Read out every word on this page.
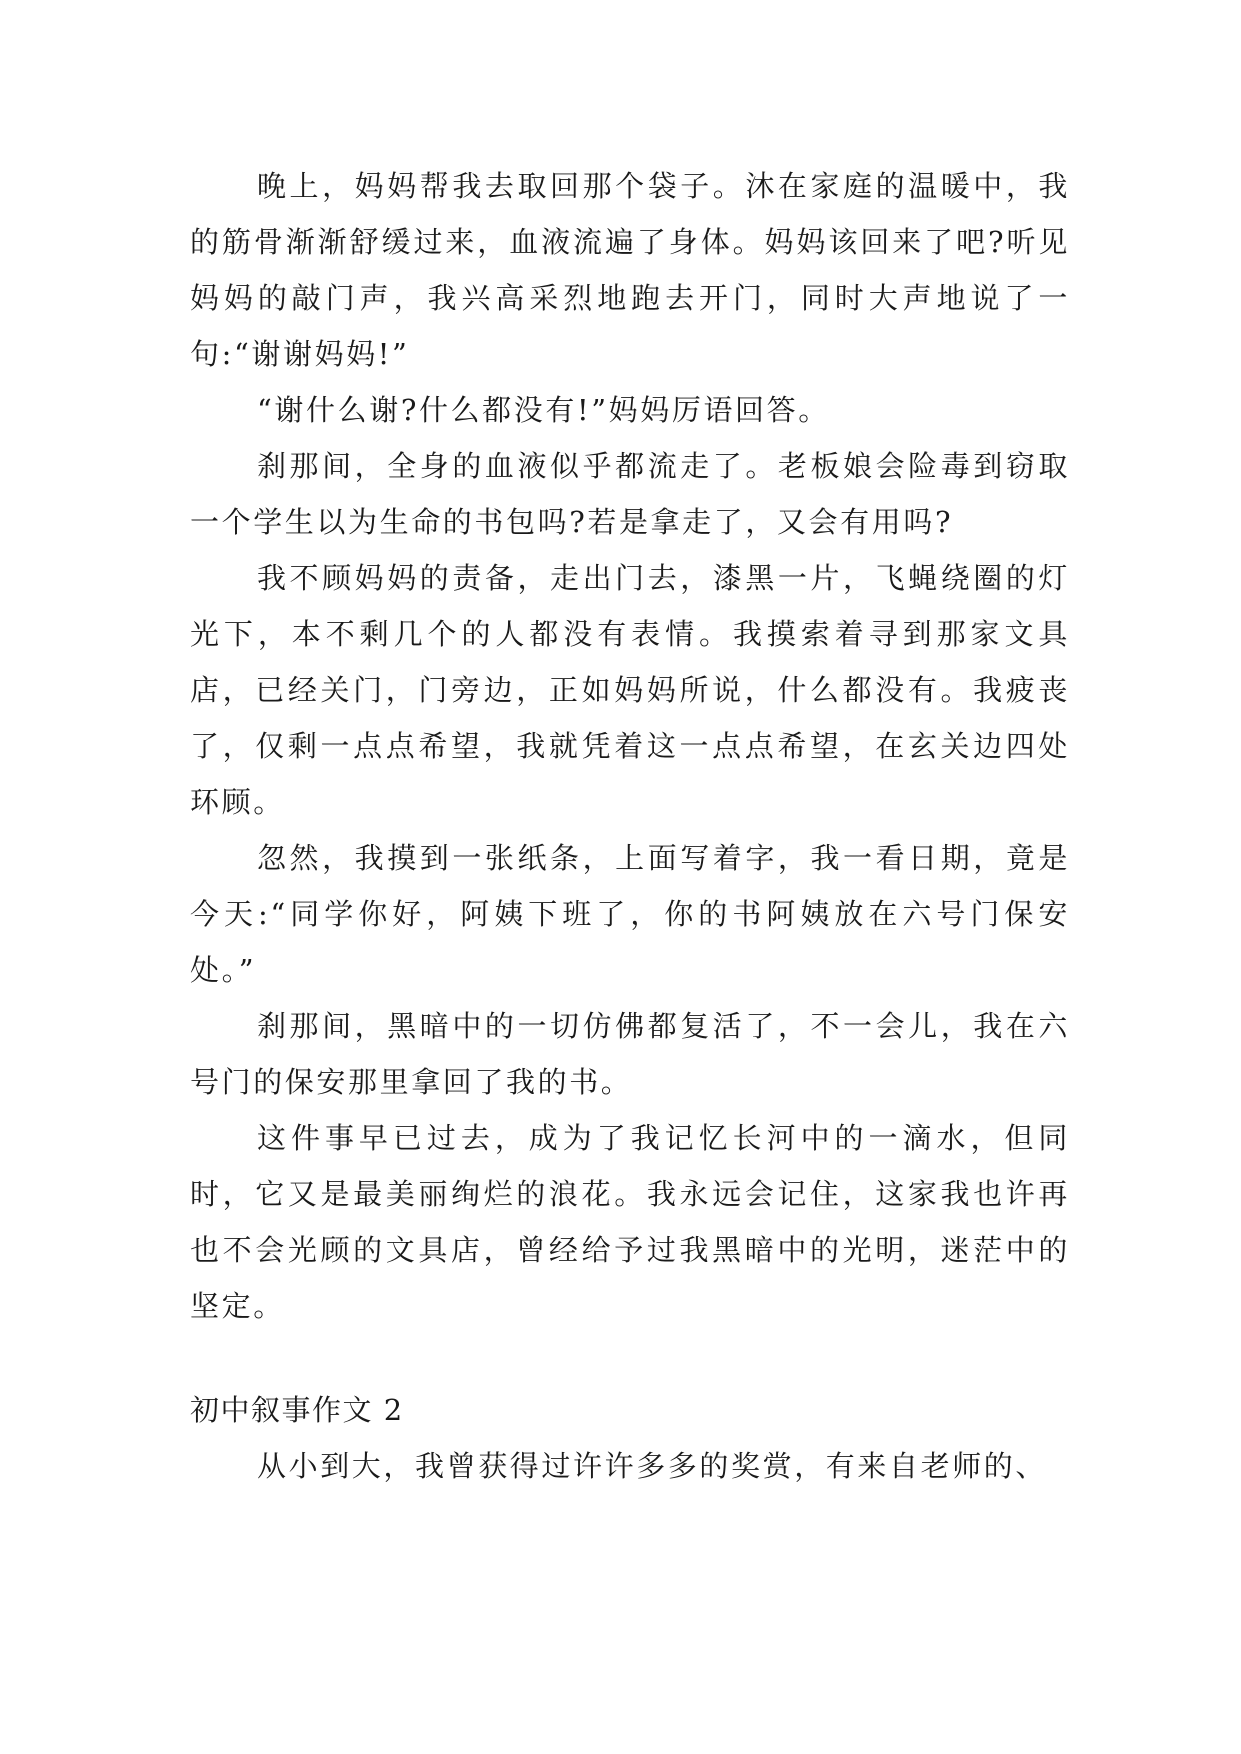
晚上，妈妈帮我去取回那个袋子。沐在家庭的温暖中，我的筋骨渐渐舒缓过来，血液流遍了身体。妈妈该回来了吧?听见妈妈的敲门声，我兴高采烈地跑去开门，同时大声地说了一句:“谢谢妈妈!”

“谢什么谢?什么都没有!”妈妈厉语回答。

刹那间，全身的血液似乎都流走了。老板娘会险毒到窃取一个学生以为生命的书包吗?若是拿走了，又会有用吗?

我不顾妈妈的责备，走出门去，漆黑一片，飞蝇绕圈的灯光下，本不剩几个的人都没有表情。我摸索着寻到那家文具店，已经关门，门旁边，正如妈妈所说，什么都没有。我疲丧了，仅剩一点点希望，我就凭着这一点点希望，在玄关边四处环顾。

忽然，我摸到一张纸条，上面写着字，我一看日期，竟是今天:“同学你好，阿姨下班了，你的书阿姨放在六号门保安处。”

刹那间，黑暗中的一切仿佛都复活了，不一会儿，我在六号门的保安那里拿回了我的书。

这件事早已过去，成为了我记忆长河中的一滴水，但同时，它又是最美丽绚烂的浪花。我永远会记住，这家我也许再也不会光顾的文具店，曾经给予过我黑暗中的光明，迷茫中的坚定。

初中叙事作文 2

从小到大，我曾获得过许许多多的奖赏，有来自老师的、
